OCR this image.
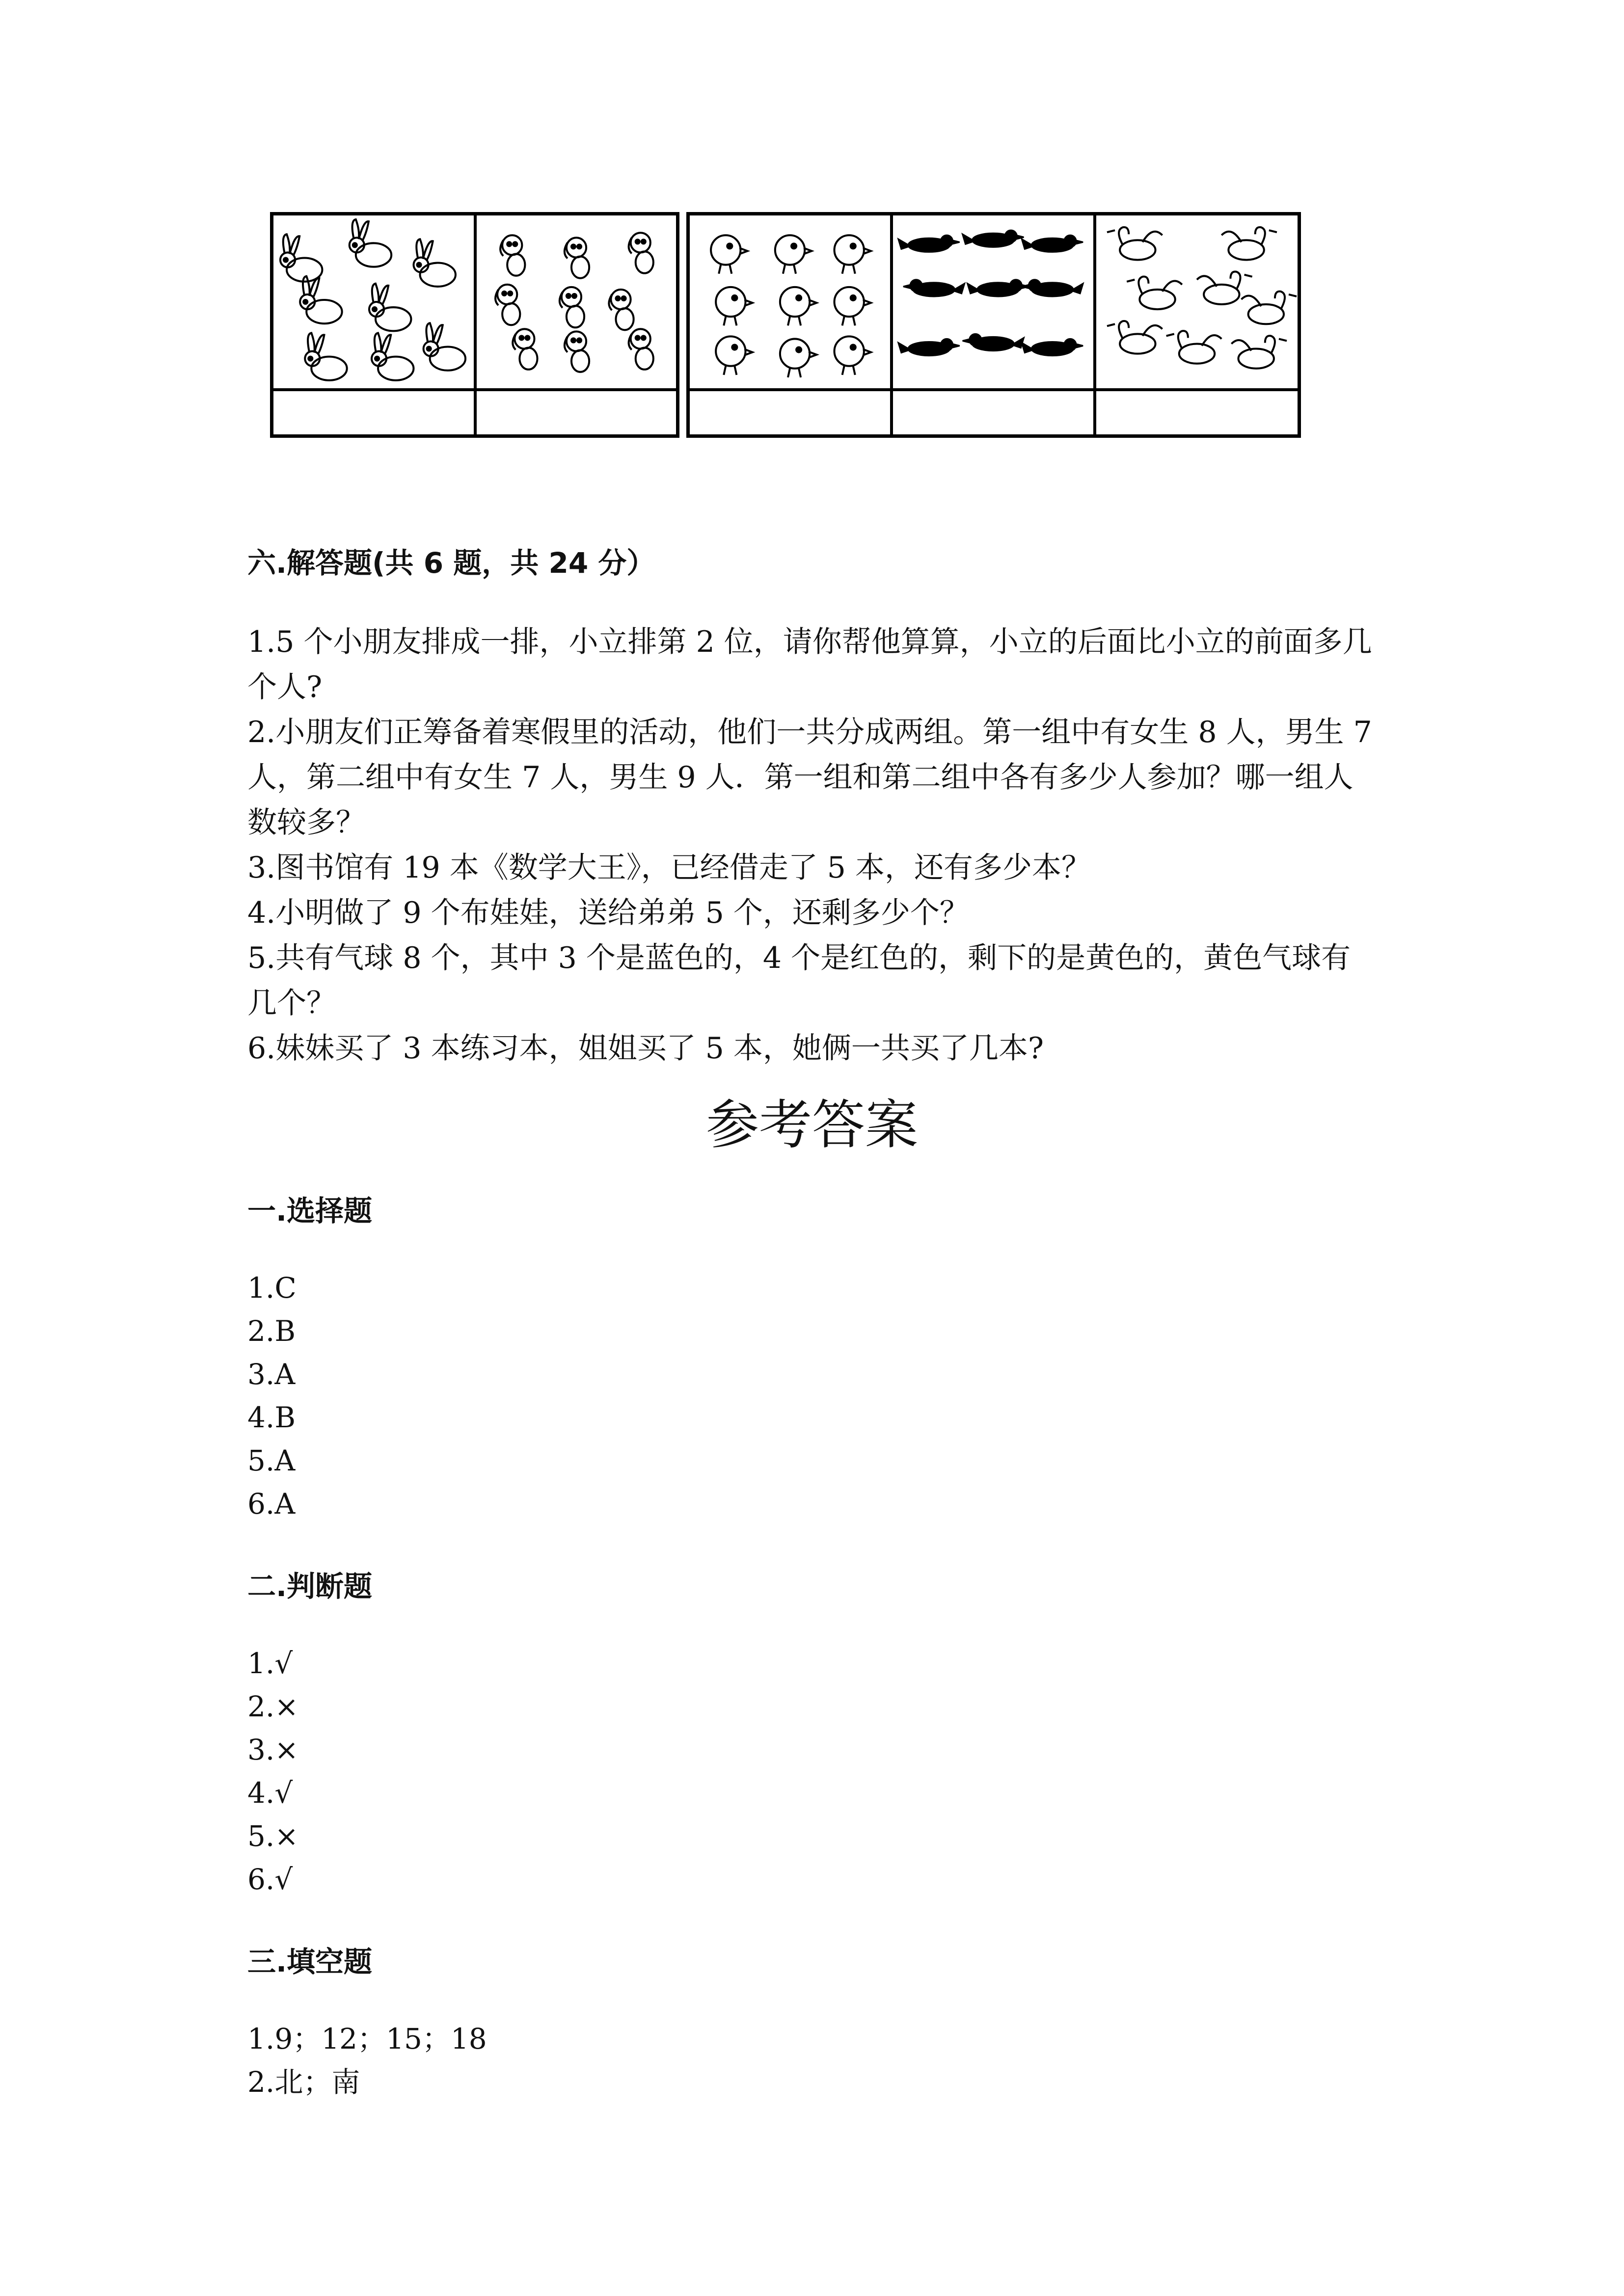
六.解答题(共 6 题，共 24 分）

1.5 个小朋友排成一排，小立排第 2 位，请你帮他算算，小立的后面比小立的前面多几个人?

2.小朋友们正筹备着寒假里的活动，他们一共分成两组。第一组中有女生 8 人，男生 7 人，第二组中有女生 7 人，男生 9 人．第一组和第二组中各有多少人参加？哪一组人数较多？

3.图书馆有 19 本《数学大王》，已经借走了 5 本，还有多少本？

4.小明做了 9 个布娃娃，送给弟弟 5 个，还剩多少个？

5.共有气球 8 个，其中 3 个是蓝色的，4 个是红色的，剩下的是黄色的，黄色气球有几个？

6.妹妹买了 3 本练习本，姐姐买了 5 本，她俩一共买了几本?

参考答案
一.选择题
1.C
2.B
3.A
4.B
5.A
6.A
二.判断题
1.√
2.×
3.×
4.√
5.×
6.√
三.填空题
1.9；12；15；18
2.北；南
